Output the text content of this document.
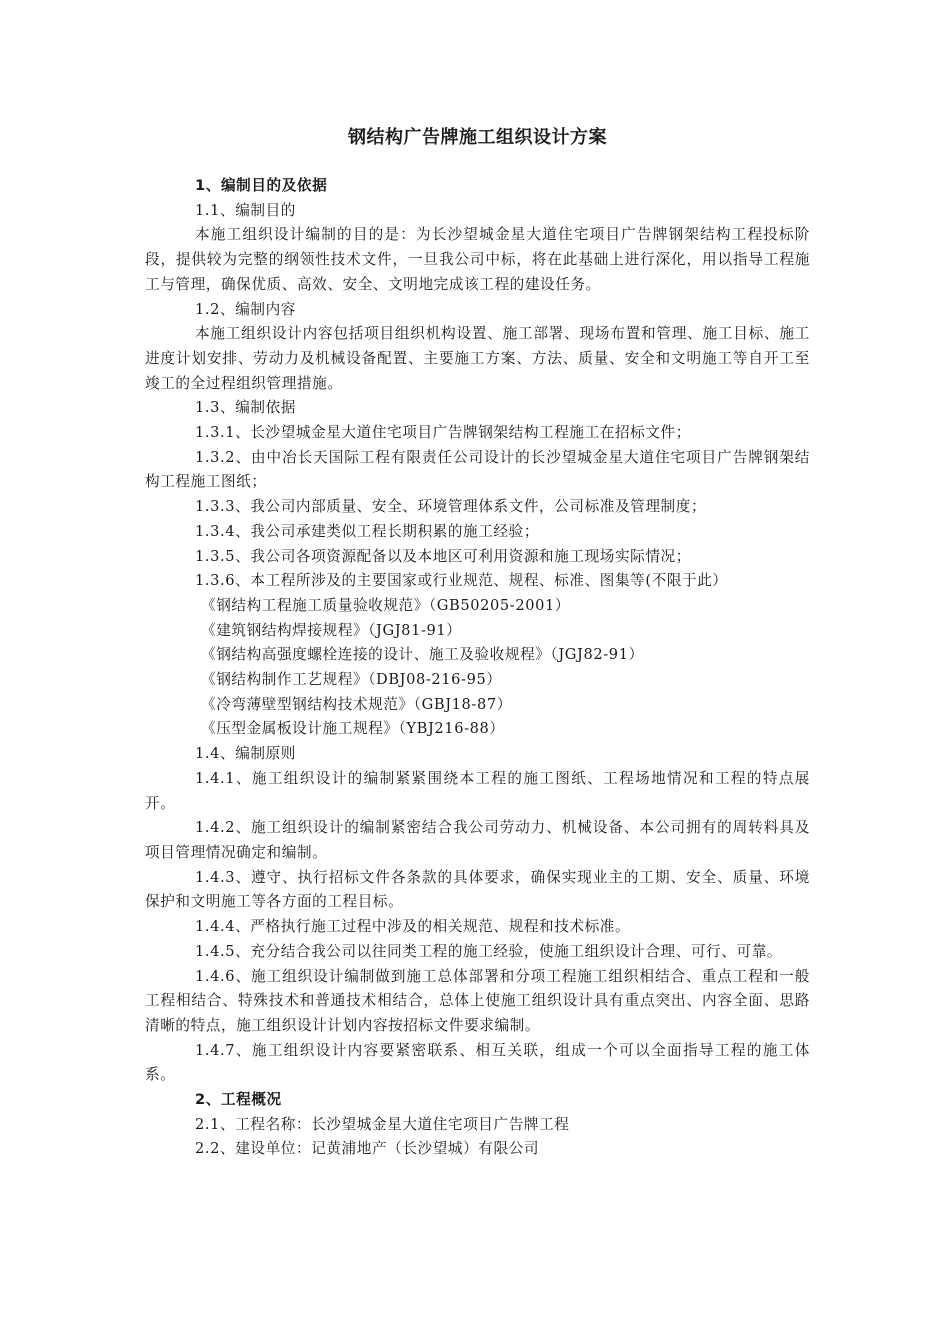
钢结构广告牌施工组织设计方案

1、编制目的及依据

1.1、编制目的

本施工组织设计编制的目的是：为长沙望城金星大道住宅项目广告牌钢架结构工程投标阶段，提供较为完整的纲领性技术文件，一旦我公司中标，将在此基础上进行深化，用以指导工程施工与管理，确保优质、高效、安全、文明地完成该工程的建设任务。

1.2、编制内容

本施工组织设计内容包括项目组织机构设置、施工部署、现场布置和管理、施工目标、施工进度计划安排、劳动力及机械设备配置、主要施工方案、方法、质量、安全和文明施工等自开工至竣工的全过程组织管理措施。

1.3、编制依据

1.3.1、长沙望城金星大道住宅项目广告牌钢架结构工程施工在招标文件；

1.3.2、由中冶长天国际工程有限责任公司设计的长沙望城金星大道住宅项目广告牌钢架结构工程施工图纸；

1.3.3、我公司内部质量、安全、环境管理体系文件，公司标准及管理制度；

1.3.4、我公司承建类似工程长期积累的施工经验；

1.3.5、我公司各项资源配备以及本地区可利用资源和施工现场实际情况；

1.3.6、本工程所涉及的主要国家或行业规范、规程、标准、图集等(不限于此）

《钢结构工程施工质量验收规范》（GB50205-2001）

《建筑钢结构焊接规程》（JGJ81-91）

《钢结构高强度螺栓连接的设计、施工及验收规程》（JGJ82-91）

《钢结构制作工艺规程》（DBJ08-216-95）

《冷弯薄壁型钢结构技术规范》（GBJ18-87）

《压型金属板设计施工规程》（YBJ216-88）

1.4、编制原则

1.4.1、施工组织设计的编制紧紧围绕本工程的施工图纸、工程场地情况和工程的特点展开。

1.4.2、施工组织设计的编制紧密结合我公司劳动力、机械设备、本公司拥有的周转料具及项目管理情况确定和编制。

1.4.3、遵守、执行招标文件各条款的具体要求，确保实现业主的工期、安全、质量、环境保护和文明施工等各方面的工程目标。

1.4.4、严格执行施工过程中涉及的相关规范、规程和技术标准。

1.4.5、充分结合我公司以往同类工程的施工经验，使施工组织设计合理、可行、可靠。

1.4.6、施工组织设计编制做到施工总体部署和分项工程施工组织相结合、重点工程和一般工程相结合、特殊技术和普通技术相结合，总体上使施工组织设计具有重点突出、内容全面、思路清晰的特点，施工组织设计计划内容按招标文件要求编制。

1.4.7、施工组织设计内容要紧密联系、相互关联，组成一个可以全面指导工程的施工体系。

2、工程概况

2.1、工程名称：长沙望城金星大道住宅项目广告牌工程

2.2、建设单位：记黄浦地产（长沙望城）有限公司
